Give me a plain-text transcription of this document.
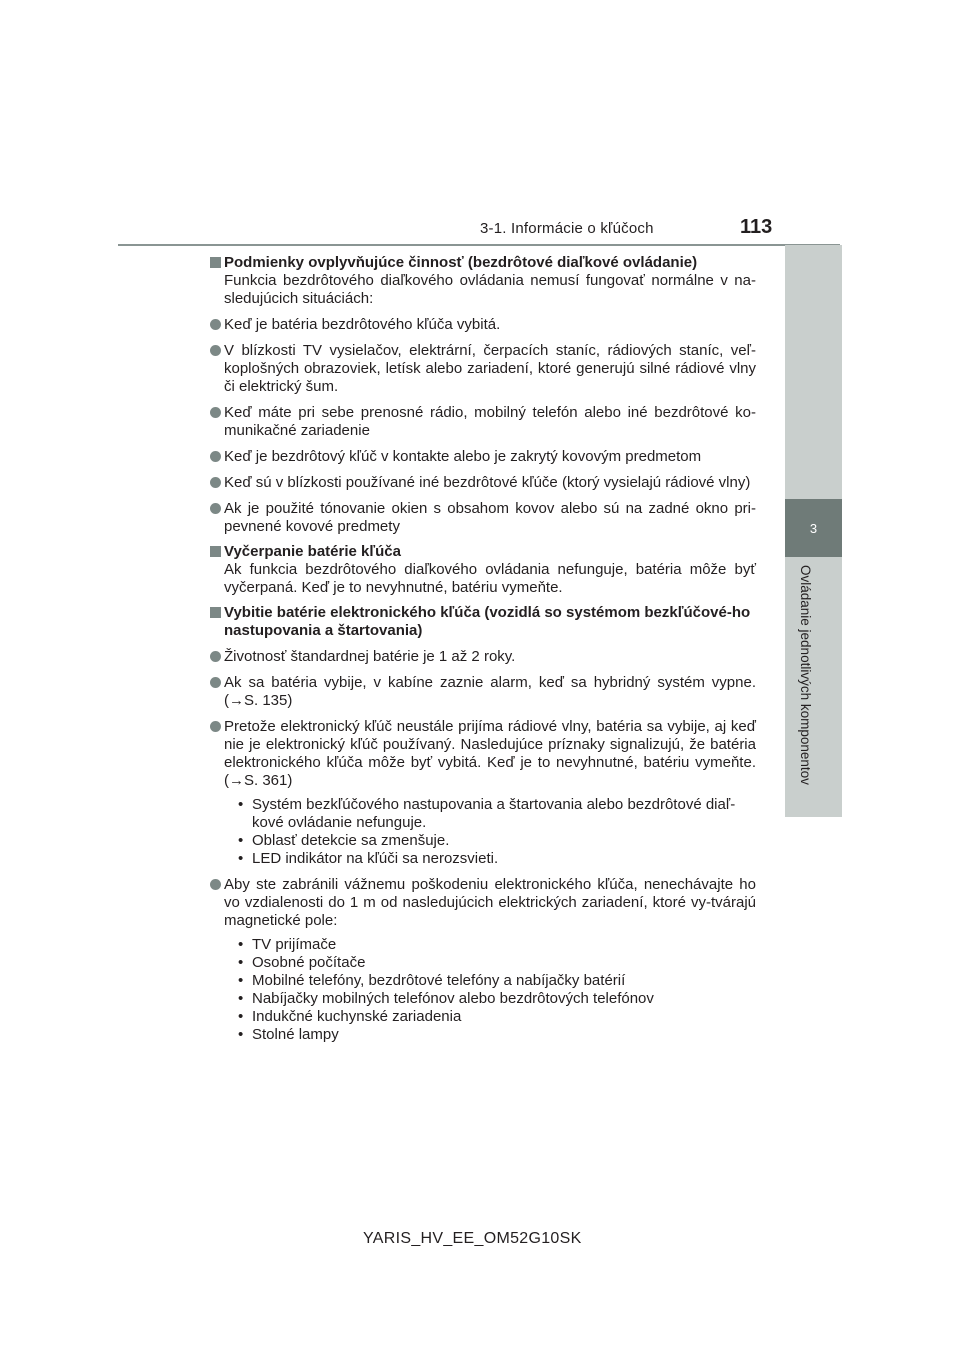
3-1. Informácie o kľúčoch	113
3
Ovládanie jednotlivých komponentov
Podmienky ovplyvňujúce činnosť (bezdrôtové diaľkové ovládanie)
Funkcia bezdrôtového diaľkového ovládania nemusí fungovať normálne v na-sledujúcich situáciách:
Keď je batéria bezdrôtového kľúča vybitá.
V blízkosti TV vysielačov, elektrární, čerpacích staníc, rádiových staníc, veľ-koplošných obrazoviek, letísk alebo zariadení, ktoré generujú silné rádiové vlny či elektrický šum.
Keď máte pri sebe prenosné rádio, mobilný telefón alebo iné bezdrôtové ko-munikačné zariadenie
Keď je bezdrôtový kľúč v kontakte alebo je zakrytý kovovým predmetom
Keď sú v blízkosti používané iné bezdrôtové kľúče (ktorý vysielajú rádiové vlny)
Ak je použité tónovanie okien s obsahom kovov alebo sú na zadné okno pri-pevnené kovové predmety
Vyčerpanie batérie kľúča
Ak funkcia bezdrôtového diaľkového ovládania nefunguje, batéria môže byť vyčerpaná. Keď je to nevyhnutné, batériu vymeňte.
Vybitie batérie elektronického kľúča (vozidlá so systémom bezkľúčové-ho nastupovania a štartovania)
Životnosť štandardnej batérie je 1 až 2 roky.
Ak sa batéria vybije, v kabíne zaznie alarm, keď sa hybridný systém vypne. (→S. 135)
Pretože elektronický kľúč neustále prijíma rádiové vlny, batéria sa vybije, aj keď nie je elektronický kľúč používaný. Nasledujúce príznaky signalizujú, že batéria elektronického kľúča môže byť vybitá. Keď je to nevyhnutné, batériu vymeňte. (→S. 361)
• Systém bezkľúčového nastupovania a štartovania alebo bezdrôtové diaľ-kové ovládanie nefunguje.
• Oblasť detekcie sa zmenšuje.
• LED indikátor na kľúči sa nerozsvieti.
Aby ste zabránili vážnemu poškodeniu elektronického kľúča, nenechávajte ho vo vzdialenosti do 1 m od nasledujúcich elektrických zariadení, ktoré vy-tvárajú magnetické pole:
• TV prijímače
• Osobné počítače
• Mobilné telefóny, bezdrôtové telefóny a nabíjačky batérií
• Nabíjačky mobilných telefónov alebo bezdrôtových telefónov
• Indukčné kuchynské zariadenia
• Stolné lampy
YARIS_HV_EE_OM52G10SK
